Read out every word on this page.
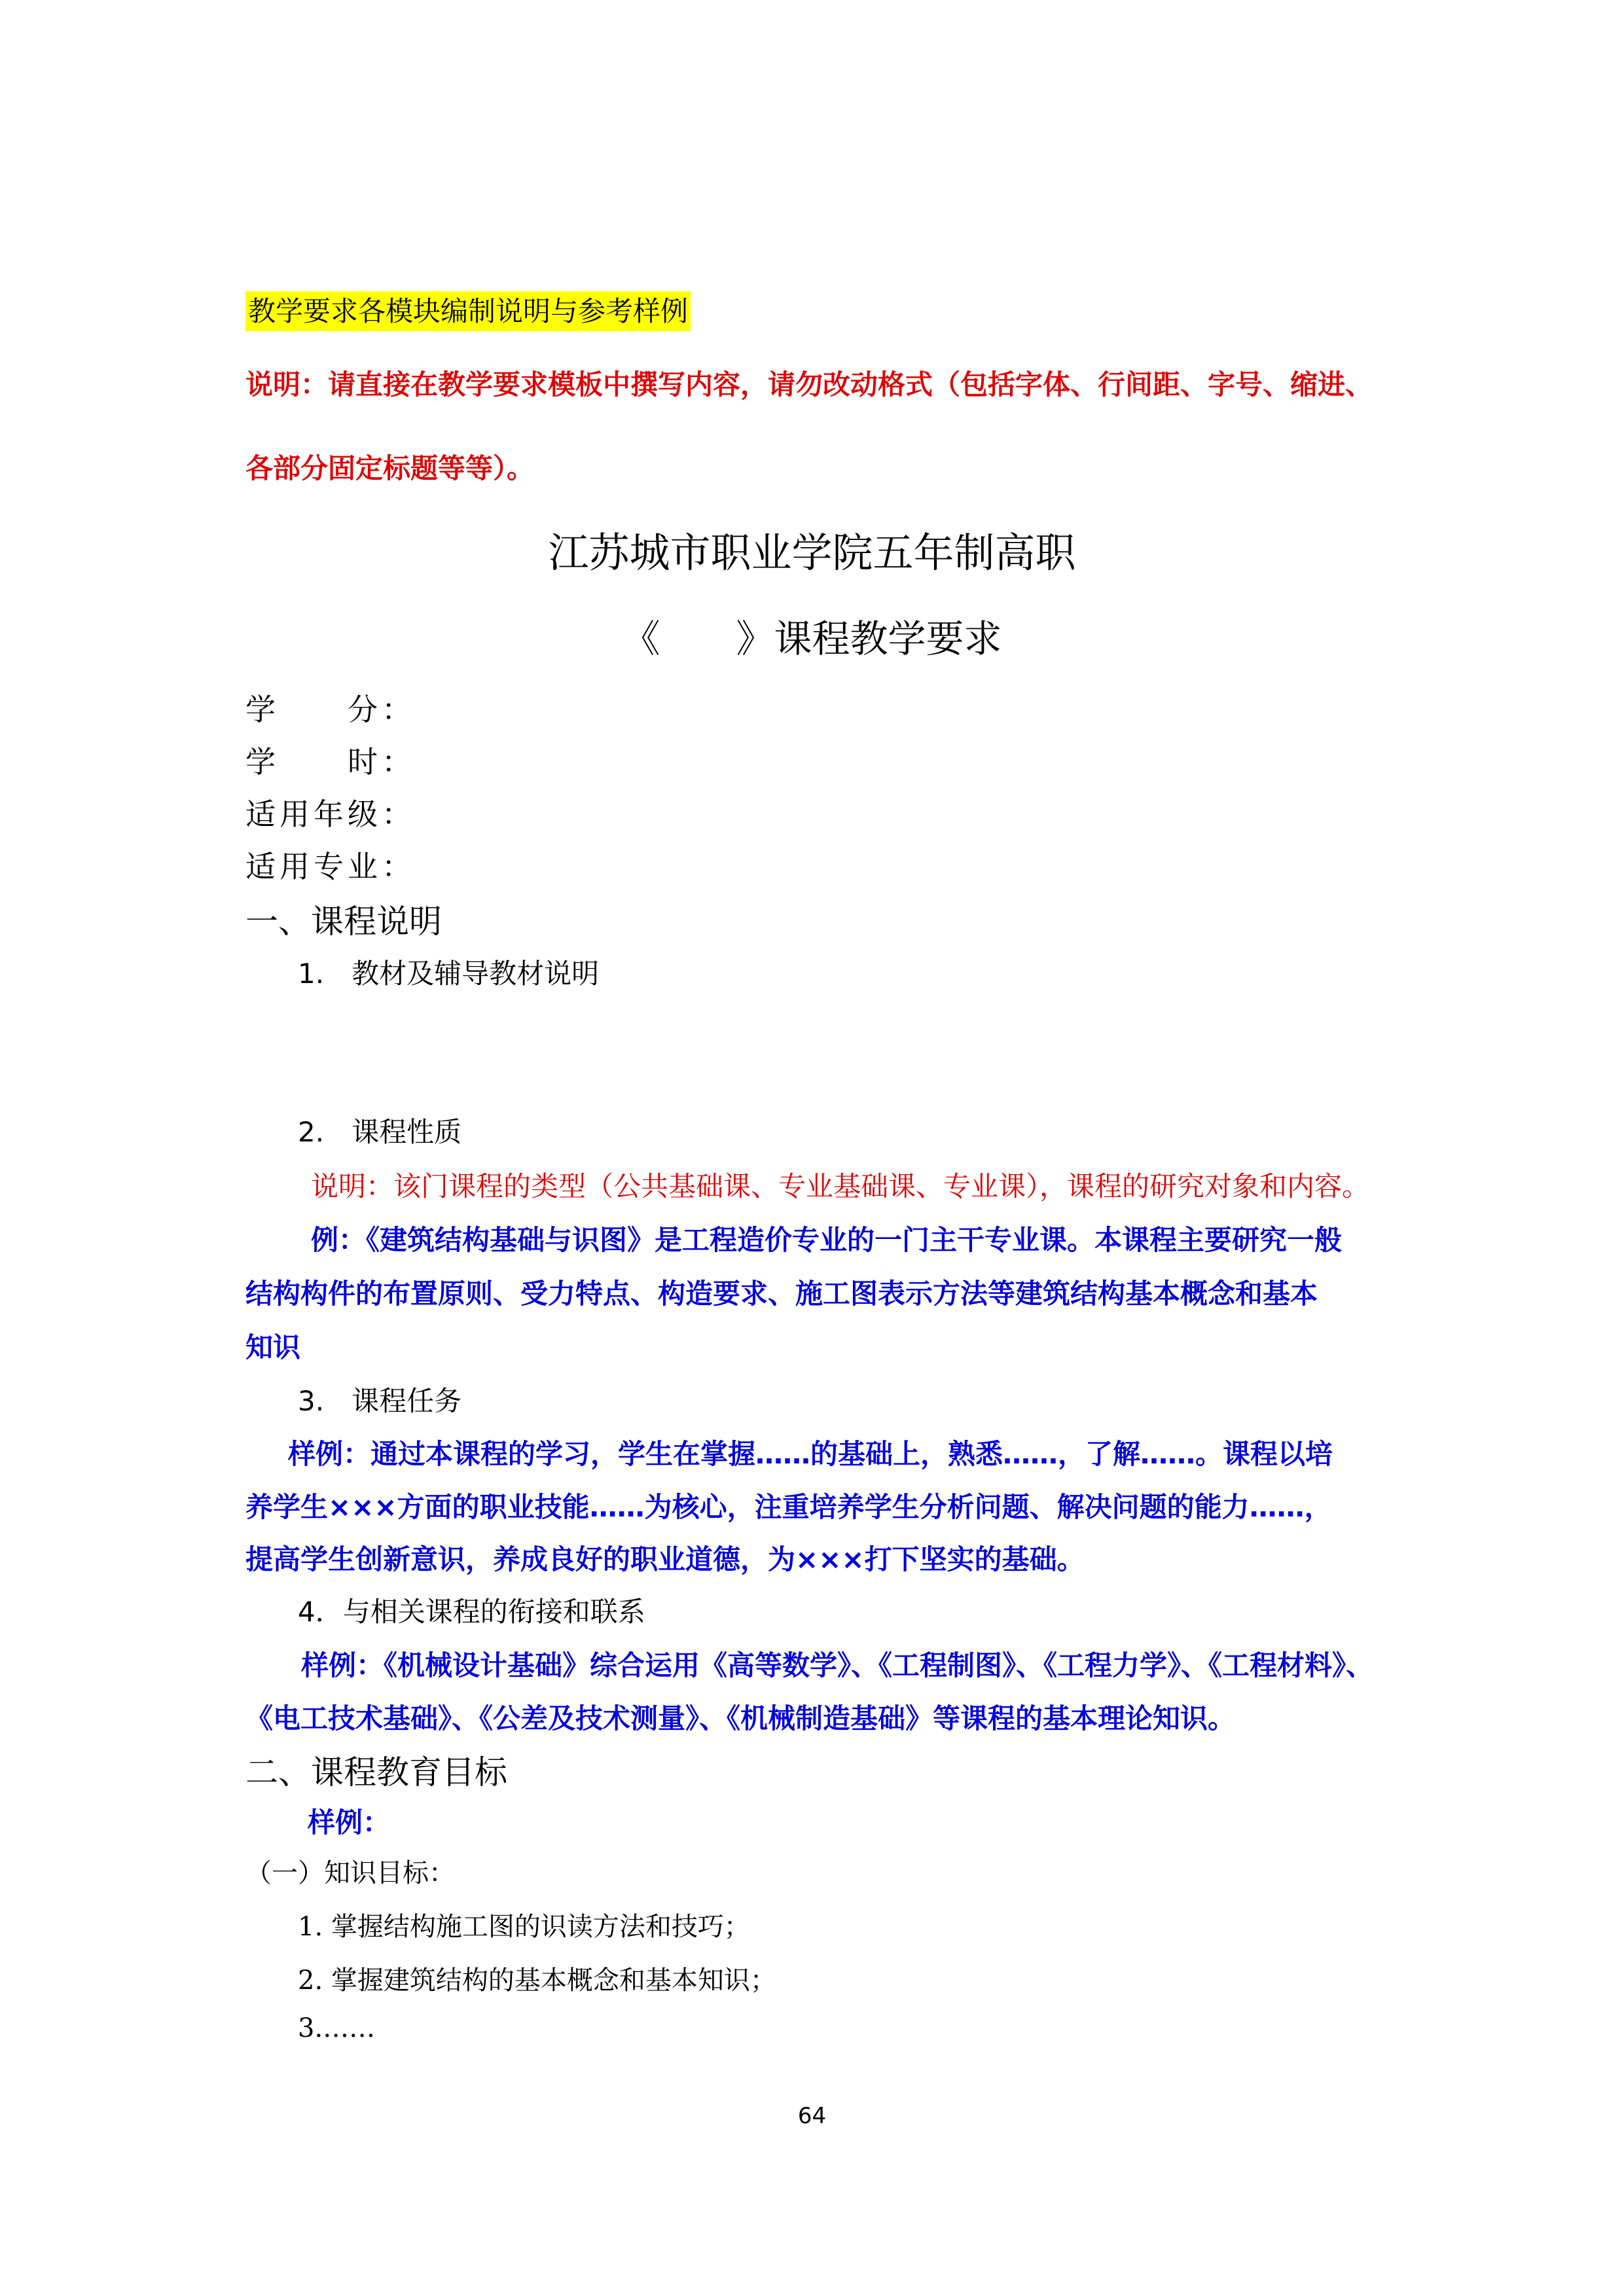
教学要求各模块编制说明与参考样例
说明：请直接在教学要求模板中撰写内容，请勿改动格式（包括字体、行间距、字号、缩进、
各部分固定标题等等）。
江苏城市职业学院五年制高职
《　　》课程教学要求
学　　分：
学　　时：
适用年级：
适用专业：
一、课程说明
1.　教材及辅导教材说明
2.　课程性质
说明：该门课程的类型（公共基础课、专业基础课、专业课），课程的研究对象和内容。
例：《建筑结构基础与识图》是工程造价专业的一门主干专业课。本课程主要研究一般
结构构件的布置原则、受力特点、构造要求、施工图表示方法等建筑结构基本概念和基本
知识
3.　课程任务
样例：通过本课程的学习，学生在掌握……的基础上，熟悉……，了解……。课程以培
养学生×××方面的职业技能……为核心，注重培养学生分析问题、解决问题的能力……，
提高学生创新意识，养成良好的职业道德，为×××打下坚实的基础。
4．与相关课程的衔接和联系
样例：《机械设计基础》综合运用《高等数学》、《工程制图》、《工程力学》、《工程材料》、
《电工技术基础》、《公差及技术测量》、《机械制造基础》等课程的基本理论知识。
二、课程教育目标
样例：
（一）知识目标：
1. 掌握结构施工图的识读方法和技巧；
2. 掌握建筑结构的基本概念和基本知识；
3.……
64
